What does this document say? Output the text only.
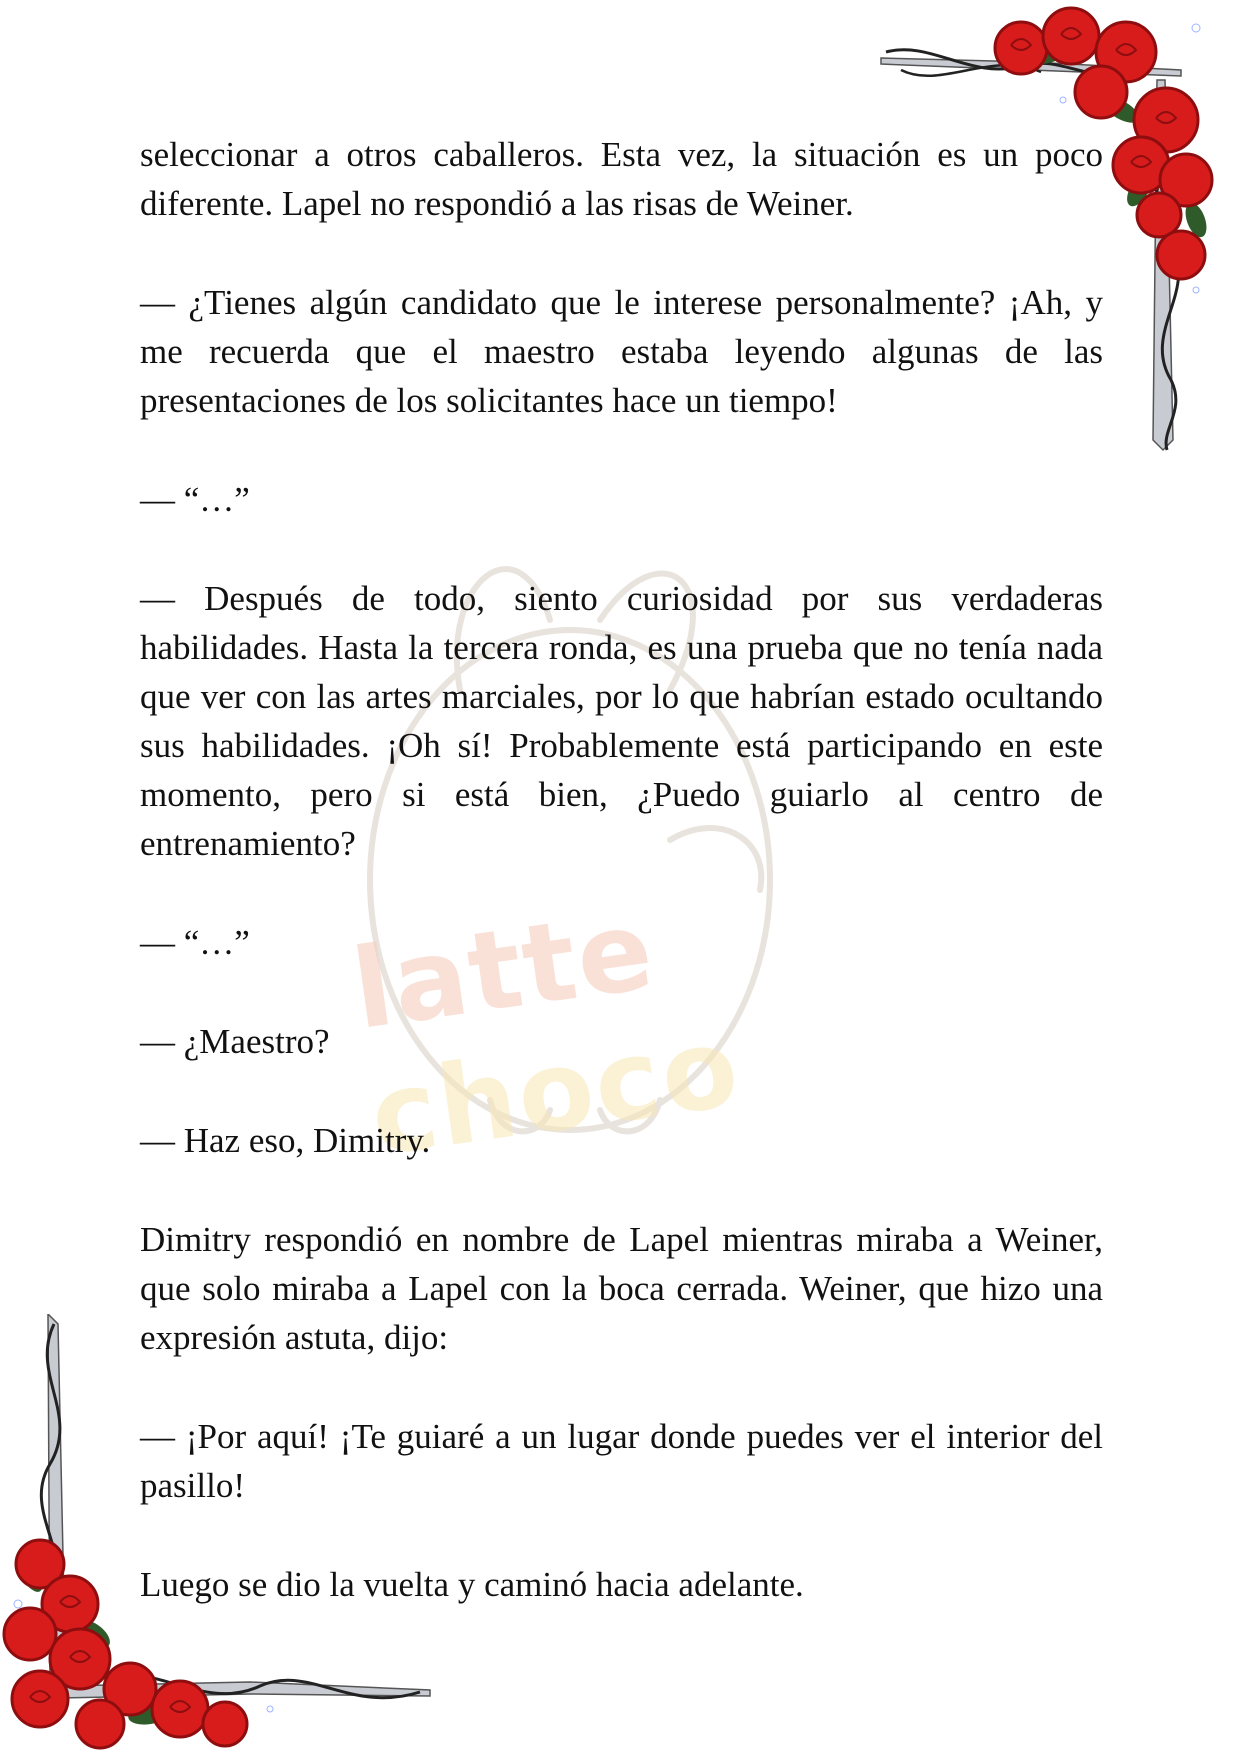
latte choco

seleccionar a otros caballeros. Esta vez, la situación es un poco diferente. Lapel no respondió a las risas de Weiner.

— ¿Tienes algún candidato que le interese personalmente? ¡Ah, y me recuerda que el maestro estaba leyendo algunas de las presentaciones de los solicitantes hace un tiempo!

— “…”

— Después de todo, siento curiosidad por sus verdaderas habilidades. Hasta la tercera ronda, es una prueba que no tenía nada que ver con las artes marciales, por lo que habrían estado ocultando sus habilidades. ¡Oh sí! Probablemente está participando en este momento, pero si está bien, ¿Puedo guiarlo al centro de entrenamiento?

— “…”

— ¿Maestro?

— Haz eso, Dimitry.

Dimitry respondió en nombre de Lapel mientras miraba a Weiner, que solo miraba a Lapel con la boca cerrada. Weiner, que hizo una expresión astuta, dijo:

— ¡Por aquí! ¡Te guiaré a un lugar donde puedes ver el interior del pasillo!

Luego se dio la vuelta y caminó hacia adelante.
